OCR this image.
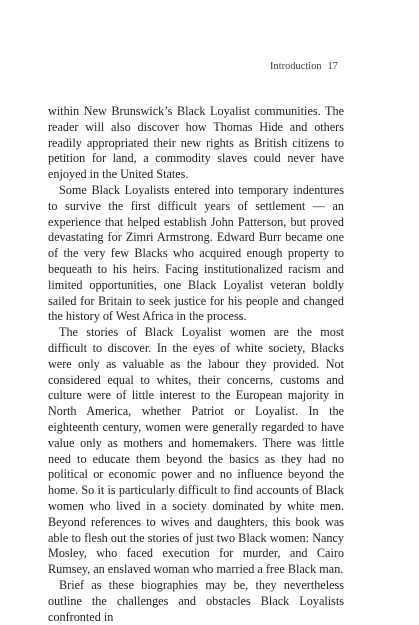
Introduction 17

within New Brunswick’s Black Loyalist communities. The reader will also discover how Thomas Hide and others readily appropriated their new rights as British citizens to petition for land, a commodity slaves could never have enjoyed in the United States.

Some Black Loyalists entered into temporary indentures to survive the first difficult years of settlement — an experience that helped establish John Patterson, but proved devastating for Zimri Armstrong. Edward Burr became one of the very few Blacks who acquired enough property to bequeath to his heirs. Facing institutionalized racism and limited opportunities, one Black Loyalist veteran boldly sailed for Britain to seek justice for his people and changed the history of West Africa in the process.

The stories of Black Loyalist women are the most difficult to discover. In the eyes of white society, Blacks were only as valuable as the labour they provided. Not considered equal to whites, their concerns, customs and culture were of little interest to the European majority in North America, whether Patriot or Loyalist. In the eighteenth century, women were generally regarded to have value only as mothers and homemakers. There was little need to educate them beyond the basics as they had no political or economic power and no influence beyond the home. So it is particularly difficult to find accounts of Black women who lived in a society dominated by white men. Beyond references to wives and daughters, this book was able to flesh out the stories of just two Black women: Nancy Mosley, who faced execution for murder, and Cairo Rumsey, an enslaved woman who married a free Black man.

Brief as these biographies may be, they nevertheless outline the challenges and obstacles Black Loyalists confronted in
